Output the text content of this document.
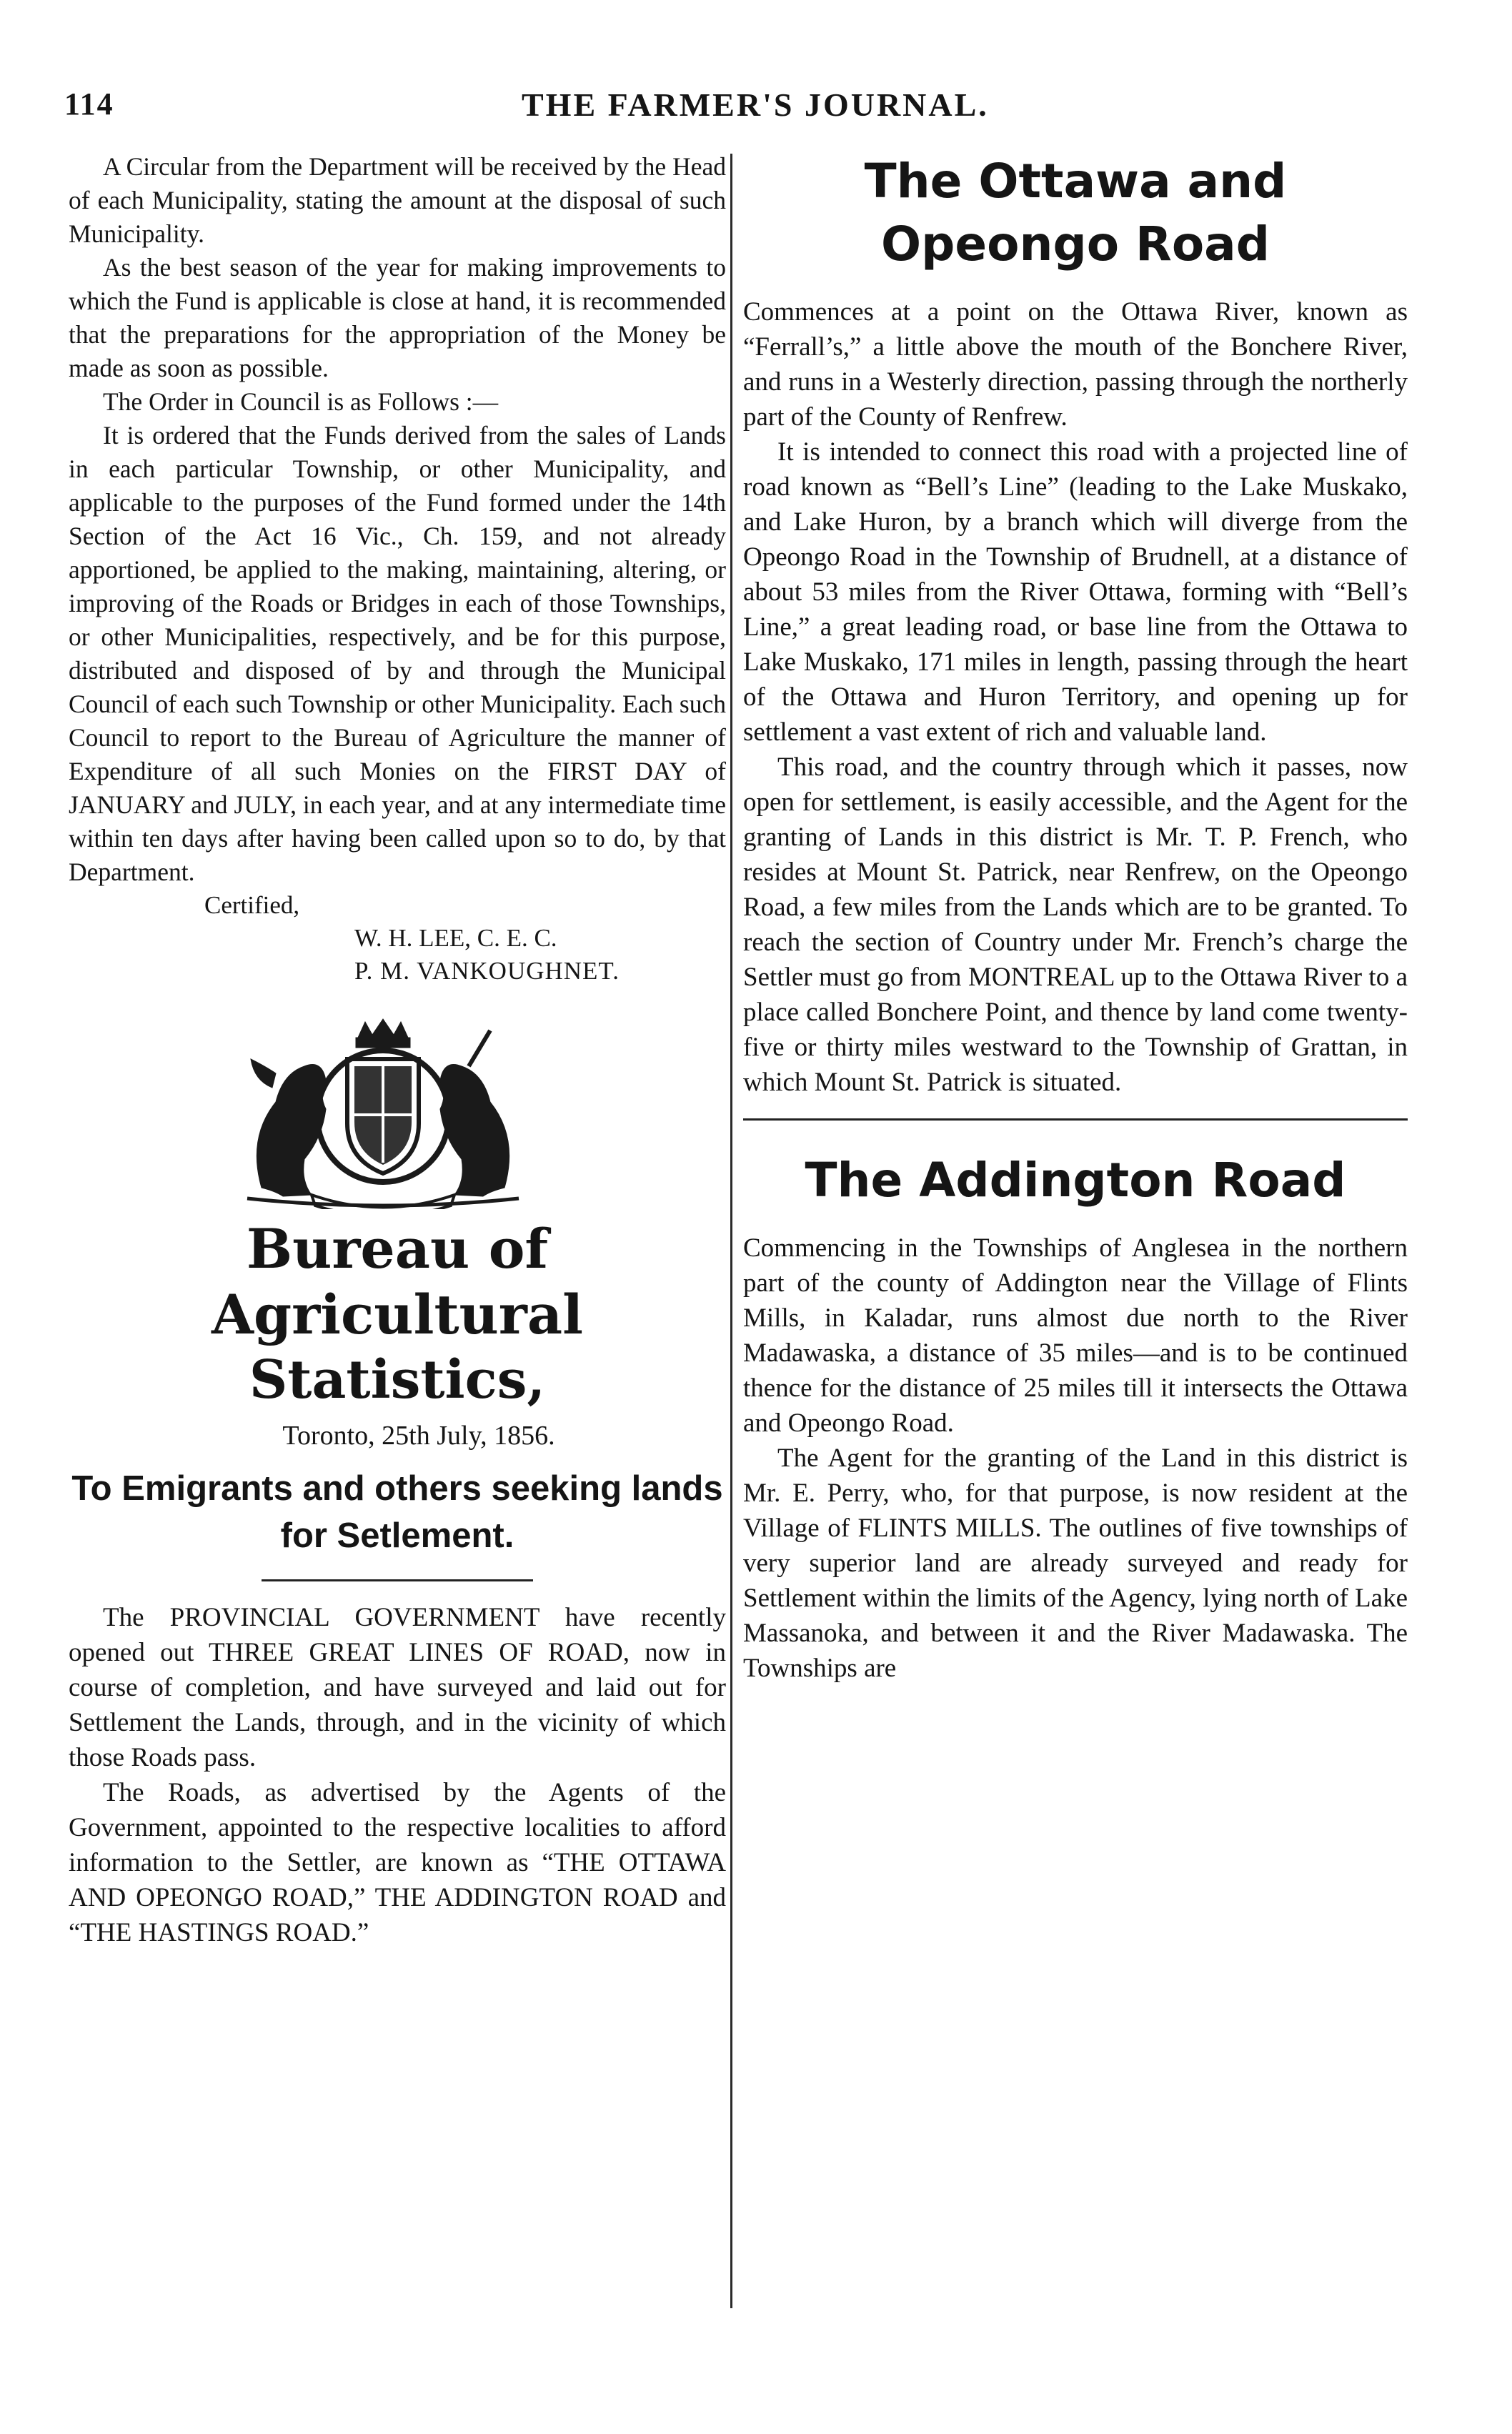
114	THE FARMER'S JOURNAL.

A Circular from the Department will be received by the Head of each Municipality, stating the amount at the disposal of such Municipality.

As the best season of the year for making improvements to which the Fund is applicable is close at hand, it is recommended that the preparations for the appropriation of the Money be made as soon as possible.

The Order in Council is as Follows :—

It is ordered that the Funds derived from the sales of Lands in each particular Township, or other Municipality, and applicable to the purposes of the Fund formed under the 14th Section of the Act 16 Vic., Ch. 159, and not already apportioned, be applied to the making, maintaining, altering, or improving of the Roads or Bridges in each of those Townships, or other Municipalities, respectively, and be for this purpose, distributed and disposed of by and through the Municipal Council of each such Township or other Municipality. Each such Council to report to the Bureau of Agriculture the manner of Expenditure of all such Monies on the FIRST DAY of JANUARY and JULY, in each year, and at any intermediate time within ten days after having been called upon so to do, by that Department.

Certified,
W. H. LEE, C. E. C.
P. M. VANKOUGHNET.
Bureau of Agricultural
Statistics,
Toronto, 25th July, 1856.
To Emigrants and others seeking lands for Setlement.

The PROVINCIAL GOVERNMENT have recently opened out THREE GREAT LINES OF ROAD, now in course of completion, and have surveyed and laid out for Settlement the Lands, through, and in the vicinity of which those Roads pass.

The Roads, as advertised by the Agents of the Government, appointed to the respective localities to afford information to the Settler, are known as “THE OTTAWA AND OPEONGO ROAD,” THE ADDINGTON ROAD and “THE HASTINGS ROAD.”

The Ottawa and Opeongo Road

Commences at a point on the Ottawa River, known as “Ferrall’s,” a little above the mouth of the Bonchere River, and runs in a Westerly direction, passing through the northerly part of the County of Renfrew.

It is intended to connect this road with a projected line of road known as “Bell’s Line” (leading to the Lake Muskako, and Lake Huron, by a branch which will diverge from the Opeongo Road in the Township of Brudnell, at a distance of about 53 miles from the River Ottawa, forming with “Bell’s Line,” a great leading road, or base line from the Ottawa to Lake Muskako, 171 miles in length, passing through the heart of the Ottawa and Huron Territory, and opening up for settlement a vast extent of rich and valuable land.

This road, and the country through which it passes, now open for settlement, is easily accessible, and the Agent for the granting of Lands in this district is Mr. T. P. French, who resides at Mount St. Patrick, near Renfrew, on the Opeongo Road, a few miles from the Lands which are to be granted. To reach the section of Country under Mr. French’s charge the Settler must go from MONTREAL up to the Ottawa River to a place called Bonchere Point, and thence by land come twenty-five or thirty miles westward to the Township of Grattan, in which Mount St. Patrick is situated.

The Addington Road

Commencing in the Townships of Anglesea in the northern part of the county of Addington near the Village of Flints Mills, in Kaladar, runs almost due north to the River Madawaska, a distance of 35 miles—and is to be continued thence for the distance of 25 miles till it intersects the Ottawa and Opeongo Road.

The Agent for the granting of the Land in this district is Mr. E. Perry, who, for that purpose, is now resident at the Village of FLINTS MILLS. The outlines of five townships of very superior land are already surveyed and ready for Settlement within the limits of the Agency, lying north of Lake Massanoka, and between it and the River Madawaska. The Townships are
